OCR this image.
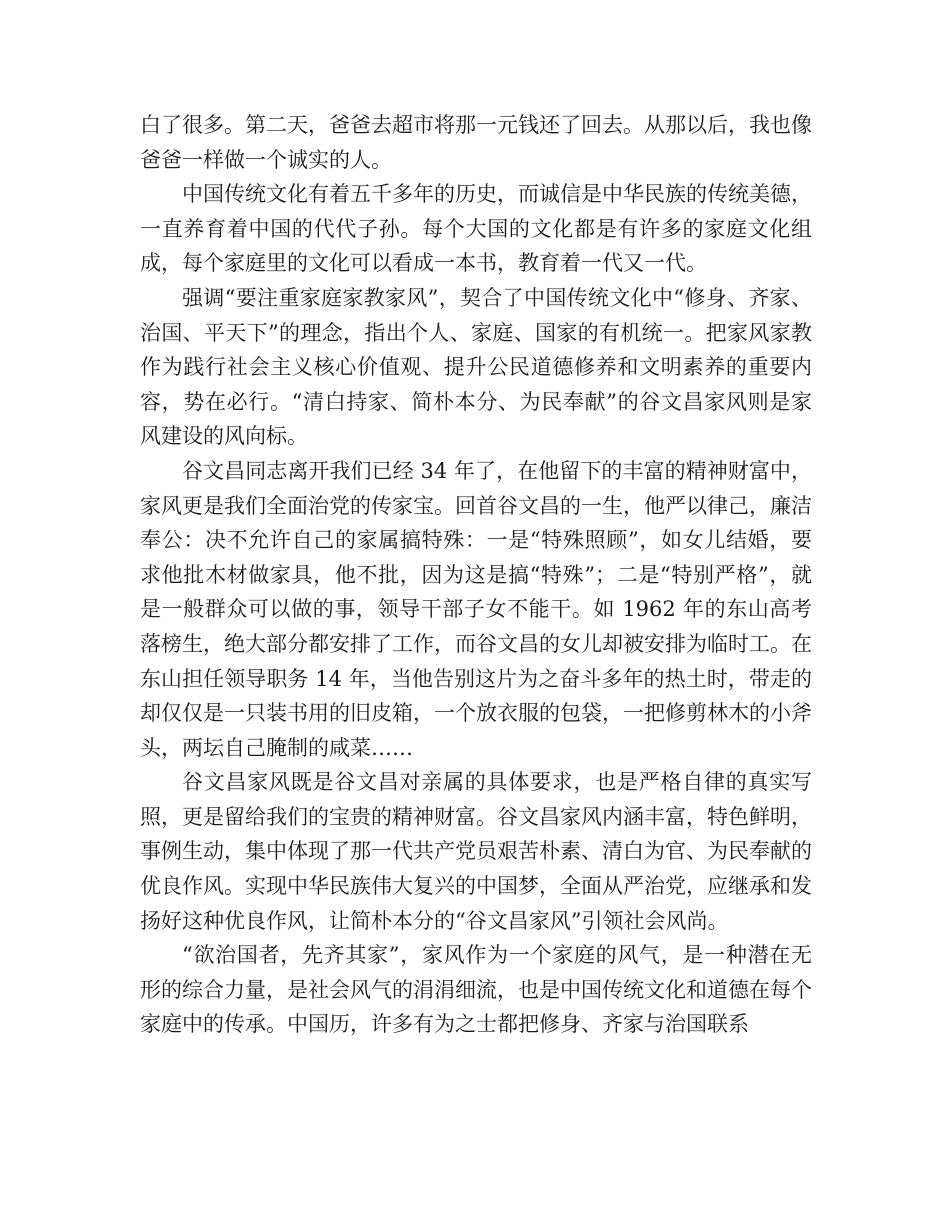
白了很多。第二天，爸爸去超市将那一元钱还了回去。从那以后，我也像爸爸一样做一个诚实的人。

中国传统文化有着五千多年的历史，而诚信是中华民族的传统美德，一直养育着中国的代代子孙。每个大国的文化都是有许多的家庭文化组成，每个家庭里的文化可以看成一本书，教育着一代又一代。

强调“要注重家庭家教家风”，契合了中国传统文化中“修身、齐家、治国、平天下”的理念，指出个人、家庭、国家的有机统一。把家风家教作为践行社会主义核心价值观、提升公民道德修养和文明素养的重要内容，势在必行。“清白持家、简朴本分、为民奉献”的谷文昌家风则是家风建设的风向标。

谷文昌同志离开我们已经 34 年了，在他留下的丰富的精神财富中，家风更是我们全面治党的传家宝。回首谷文昌的一生，他严以律己，廉洁奉公：决不允许自己的家属搞特殊：一是“特殊照顾”，如女儿结婚，要求他批木材做家具，他不批，因为这是搞“特殊”；二是“特别严格”，就是一般群众可以做的事，领导干部子女不能干。如 1962 年的东山高考落榜生，绝大部分都安排了工作，而谷文昌的女儿却被安排为临时工。在东山担任领导职务 14 年，当他告别这片为之奋斗多年的热土时，带走的却仅仅是一只装书用的旧皮箱，一个放衣服的包袋，一把修剪林木的小斧头，两坛自己腌制的咸菜……

谷文昌家风既是谷文昌对亲属的具体要求，也是严格自律的真实写照，更是留给我们的宝贵的精神财富。谷文昌家风内涵丰富，特色鲜明，事例生动，集中体现了那一代共产党员艰苦朴素、清白为官、为民奉献的优良作风。实现中华民族伟大复兴的中国梦，全面从严治党，应继承和发扬好这种优良作风，让简朴本分的“谷文昌家风”引领社会风尚。

“欲治国者，先齐其家”，家风作为一个家庭的风气，是一种潜在无形的综合力量，是社会风气的涓涓细流，也是中国传统文化和道德在每个家庭中的传承。中国历，许多有为之士都把修身、齐家与治国联系
